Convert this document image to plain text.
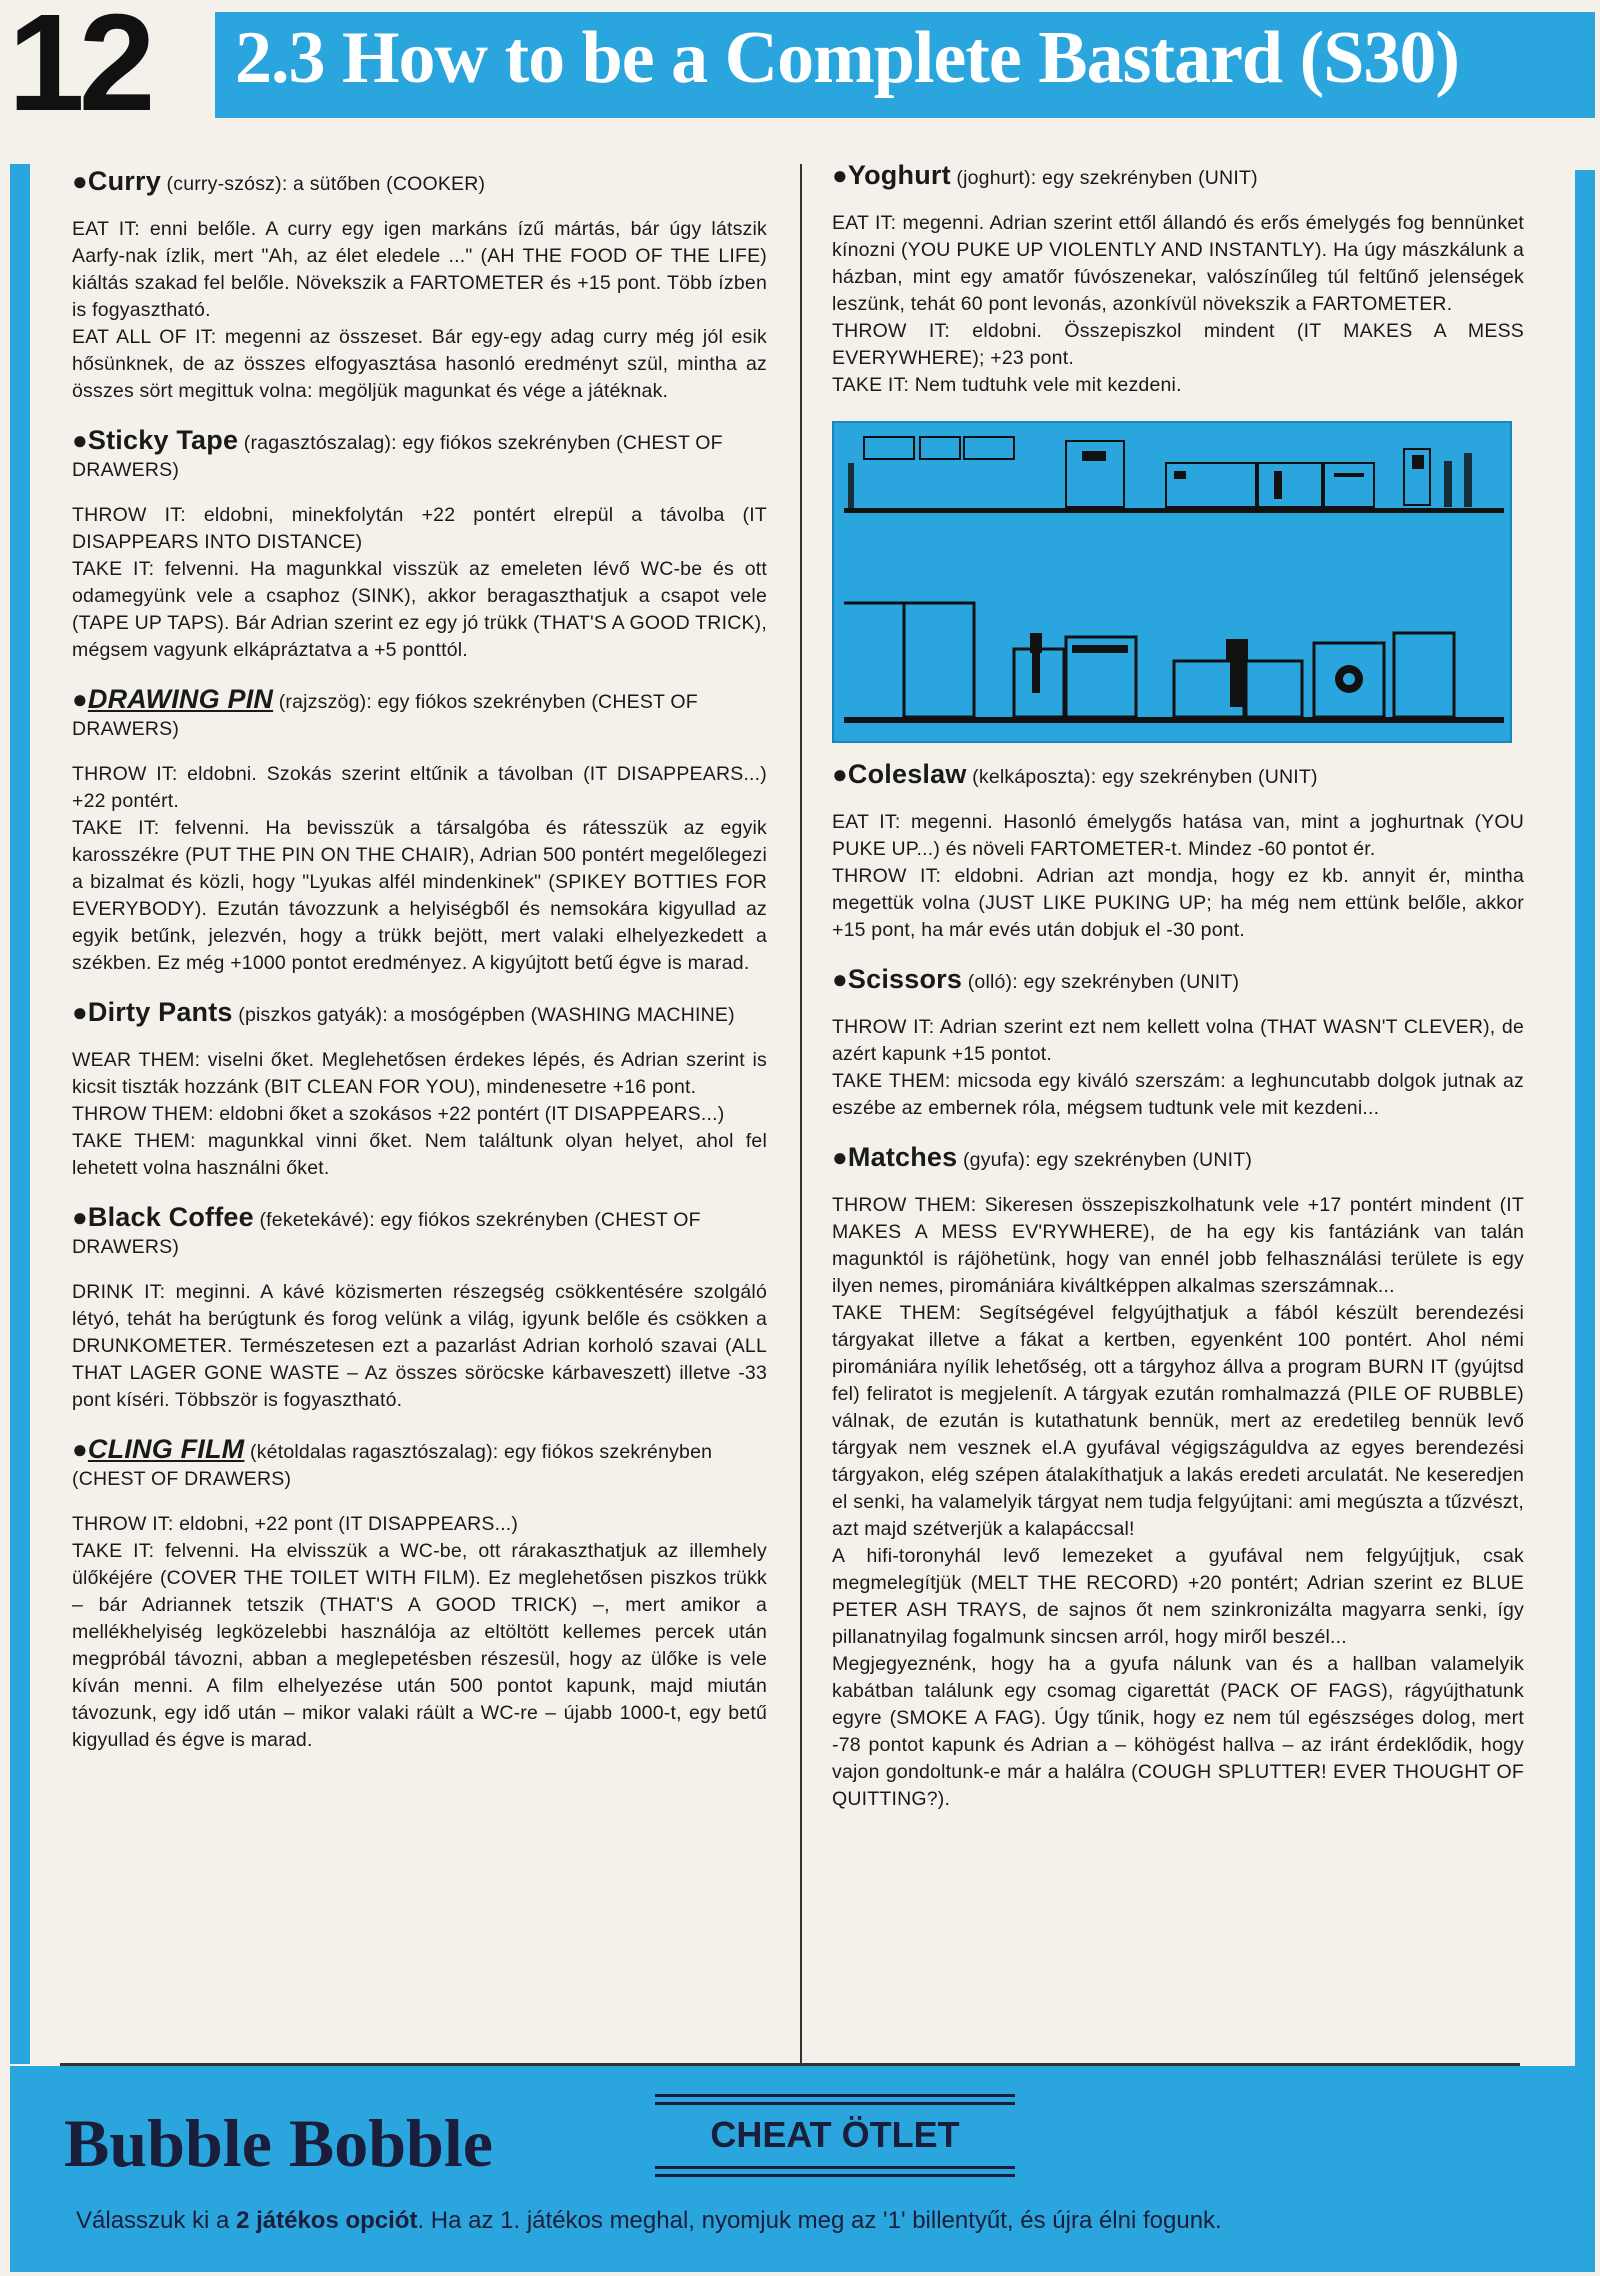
12 2.3 How to be a Complete Bastard (S30)
●Curry (curry-szósz): a sütőben (COOKER)
EAT IT: enni belőle. A curry egy igen markáns ízű mártás, bár úgy látszik Aarfy-nak ízlik, mert "Ah, az élet eledele ..." (AH THE FOOD OF THE LIFE) kiáltás szakad fel belőle. Növekszik a FARTOMETER és +15 pont. Több ízben is fogyasztható.
EAT ALL OF IT: megenni az összeset. Bár egy-egy adag curry még jól esik hősünknek, de az összes elfogyasztása hasonló eredményt szül, mintha az összes sört megittuk volna: megöljük magunkat és vége a játéknak.
●Sticky Tape (ragasztószalag): egy fiókos szekrényben (CHEST OF DRAWERS)
THROW IT: eldobni, minekfolytán +22 pontért elrepül a távolba (IT DISAPPEARS INTO DISTANCE)
TAKE IT: felvenni. Ha magunkkal visszük az emeleten lévő WC-be és ott odamegyünk vele a csaphoz (SINK), akkor beragaszthatjuk a csapot vele (TAPE UP TAPS). Bár Adrian szerint ez egy jó trükk (THAT'S A GOOD TRICK), mégsem vagyunk elkápráztatva a +5 ponttól.
●DRAWING PIN (rajzszög): egy fiókos szekrényben (CHEST OF DRAWERS)
THROW IT: eldobni. Szokás szerint eltűnik a távolban (IT DISAPPEARS...) +22 pontért.
TAKE IT: felvenni. Ha bevisszük a társalgóba és rátesszük az egyik karosszékre (PUT THE PIN ON THE CHAIR), Adrian 500 pontért megelőlegezi a bizalmat és közli, hogy "Lyukas alfél mindenkinek" (SPIKEY BOTTIES FOR EVERYBODY). Ezután távozzunk a helyiségből és nemsokára kigyullad az egyik betűnk, jelezvén, hogy a trükk bejött, mert valaki elhelyezkedett a székben. Ez még +1000 pontot eredményez. A kigyújtott betű égve is marad.
●Dirty Pants (piszkos gatyák): a mosógépben (WASHING MACHINE)
WEAR THEM: viselni őket. Meglehetősen érdekes lépés, és Adrian szerint is kicsit tiszták hozzánk (BIT CLEAN FOR YOU), mindenesetre +16 pont.
THROW THEM: eldobni őket a szokásos +22 pontért (IT DISAPPEARS...)
TAKE THEM: magunkkal vinni őket. Nem találtunk olyan helyet, ahol fel lehetett volna használni őket.
●Black Coffee (feketekávé): egy fiókos szekrényben (CHEST OF DRAWERS)
DRINK IT: meginni. A kávé közismerten részegség csökkentésére szolgáló létyó, tehát ha berúgtunk és forog velünk a világ, igyunk belőle és csökken a DRUNKOMETER. Természetesen ezt a pazarlást Adrian korholó szavai (ALL THAT LAGER GONE WASTE – Az összes söröcske kárbaveszett) illetve -33 pont kíséri. Többször is fogyasztható.
●CLING FILM (kétoldalas ragasztószalag): egy fiókos szekrényben (CHEST OF DRAWERS)
THROW IT: eldobni, +22 pont (IT DISAPPEARS...)
TAKE IT: felvenni. Ha elvisszük a WC-be, ott rárakaszthatjuk az illemhely ülőkéjére (COVER THE TOILET WITH FILM). Ez meglehetősen piszkos trükk – bár Adriannek tetszik (THAT'S A GOOD TRICK) –, mert amikor a mellékhelyiség legközelebbi használója az eltöltött kellemes percek után megpróbál távozni, abban a meglepetésben részesül, hogy az ülőke is vele kíván menni. A film elhelyezése után 500 pontot kapunk, majd miután távozunk, egy idő után – mikor valaki ráült a WC-re – újabb 1000-t, egy betű kigyullad és égve is marad.
●Yoghurt (joghurt): egy szekrényben (UNIT)
EAT IT: megenni. Adrian szerint ettől állandó és erős émelygés fog bennünket kínozni (YOU PUKE UP VIOLENTLY AND INSTANTLY). Ha úgy mászkálunk a házban, mint egy amatőr fúvószenekar, valószínűleg túl feltűnő jelenségek leszünk, tehát 60 pont levonás, azonkívül növekszik a FARTOMETER.
THROW IT: eldobni. Összepiszkol mindent (IT MAKES A MESS EVERYWHERE); +23 pont.
TAKE IT: Nem tudtuhk vele mit kezdeni.
●Coleslaw (kelkáposzta): egy szekrényben (UNIT)
EAT IT: megenni. Hasonló émelygős hatása van, mint a joghurtnak (YOU PUKE UP...) és növeli FARTOMETER-t. Mindez -60 pontot ér.
THROW IT: eldobni. Adrian azt mondja, hogy ez kb. annyit ér, mintha megettük volna (JUST LIKE PUKING UP; ha még nem ettünk belőle, akkor +15 pont, ha már evés után dobjuk el -30 pont.
●Scissors (olló): egy szekrényben (UNIT)
THROW IT: Adrian szerint ezt nem kellett volna (THAT WASN'T CLEVER), de azért kapunk +15 pontot.
TAKE THEM: micsoda egy kiváló szerszám: a leghuncutabb dolgok jutnak az eszébe az embernek róla, mégsem tudtunk vele mit kezdeni...
●Matches (gyufa): egy szekrényben (UNIT)
THROW THEM: Sikeresen összepiszkolhatunk vele +17 pontért mindent (IT MAKES A MESS EV'RYWHERE), de ha egy kis fantáziánk van talán magunktól is rájöhetünk, hogy van ennél jobb felhasználási területe is egy ilyen nemes, piromániára kiváltképpen alkalmas szerszámnak...
TAKE THEM: Segítségével felgyújthatjuk a fából készült berendezési tárgyakat illetve a fákat a kertben, egyenként 100 pontért. Ahol némi piromániára nyílik lehetőség, ott a tárgyhoz állva a program BURN IT (gyújtsd fel) feliratot is megjelenít. A tárgyak ezután romhalmazzá (PILE OF RUBBLE) válnak, de ezután is kutathatunk bennük, mert az eredetileg bennük levő tárgyak nem vesznek el.A gyufával végigszáguldva az egyes berendezési tárgyakon, elég szépen átalakíthatjuk a lakás eredeti arculatát. Ne keseredjen el senki, ha valamelyik tárgyat nem tudja felgyújtani: ami megúszta a tűzvészt, azt majd szétverjük a kalapáccsal!
A hifi-toronyhál levő lemezeket a gyufával nem felgyújtjuk, csak megmelegítjük (MELT THE RECORD) +20 pontért; Adrian szerint ez BLUE PETER ASH TRAYS, de sajnos őt nem szinkronizálta magyarra senki, így pillanatnyilag fogalmunk sincsen arról, hogy miről beszél...
Megjegyeznénk, hogy ha a gyufa nálunk van és a hallban valamelyik kabátban találunk egy csomag cigarettát (PACK OF FAGS), rágyújthatunk egyre (SMOKE A FAG). Úgy tűnik, hogy ez nem túl egészséges dolog, mert -78 pontot kapunk és Adrian a – köhögést hallva – az iránt érdeklődik, hogy vajon gondoltunk-e már a halálra (COUGH SPLUTTER! EVER THOUGHT OF QUITTING?).
Bubble Bobble	CHEAT ÖTLET
Válasszuk ki a 2 játékos opciót. Ha az 1. játékos meghal, nyomjuk meg az '1' billentyűt, és újra élni fogunk.
